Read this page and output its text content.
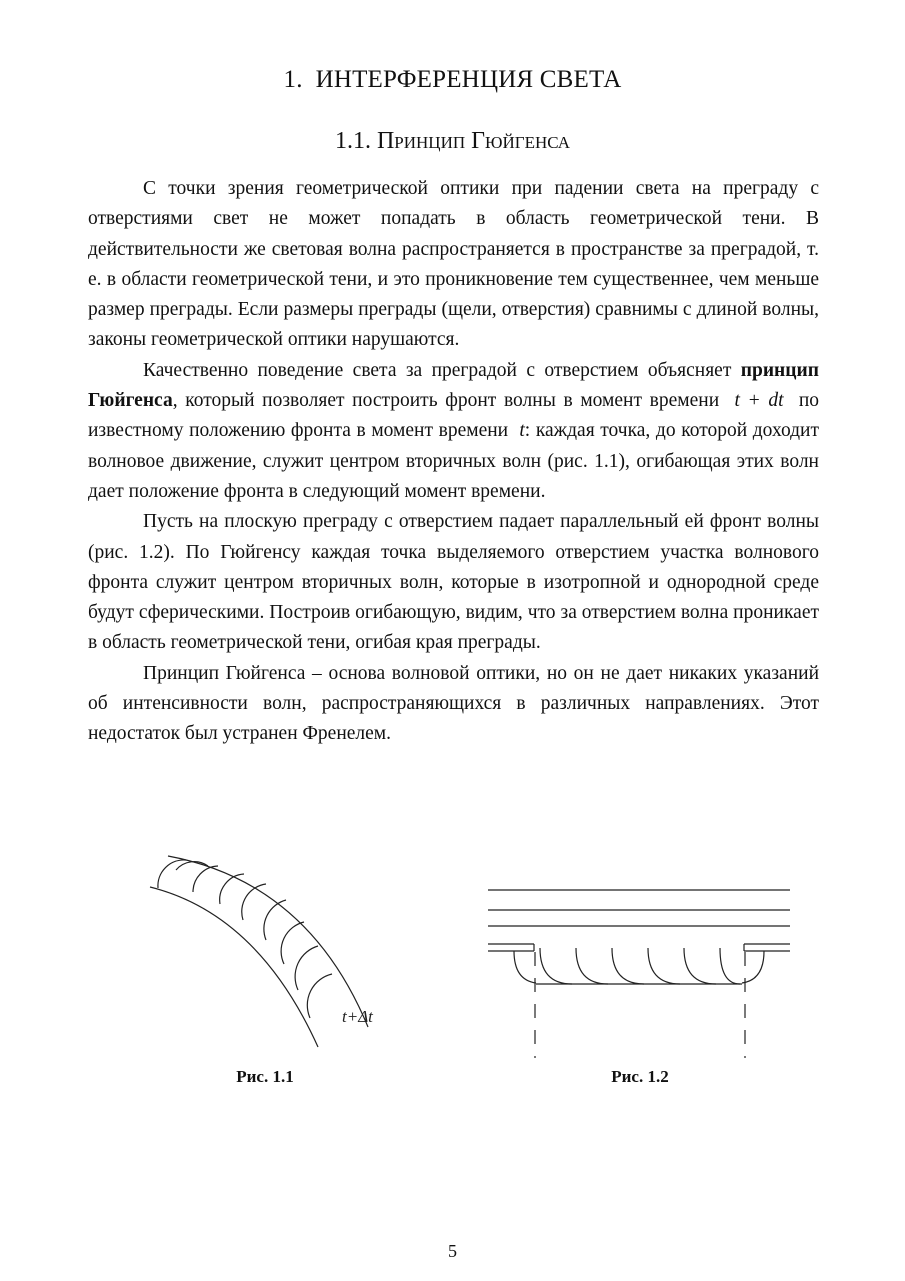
1. ИНТЕРФЕРЕНЦИЯ СВЕТА
1.1. Принцип Гюйгенса

С точки зрения геометрической оптики при падении света на преграду с отверстиями свет не может попадать в область геометрической тени. В действительности же световая волна распространяется в пространстве за преградой, т. е. в области геометрической тени, и это проникновение тем существеннее, чем меньше размер преграды. Если размеры преграды (щели, отверстия) сравнимы с длиной волны, законы геометрической оптики нарушаются.

Качественно поведение света за преградой с отверстием объясняет принцип Гюйгенса, который позволяет построить фронт волны в момент времени  t + dt  по известному положению фронта в момент времени  t: каждая точка, до которой доходит волновое движение, служит центром вторичных волн (рис. 1.1), огибающая этих волн дает положение фронта в следующий момент времени.

Пусть на плоскую преграду с отверстием падает параллельный ей фронт волны (рис. 1.2). По Гюйгенсу каждая точка выделяемого отверстием участка волнового фронта служит центром вторичных волн, которые в изотропной и однородной среде будут сферическими. Построив огибающую, видим, что за отверстием волна проникает в область геометрической тени, огибая края преграды.

Принцип Гюйгенса – основа волновой оптики, но он не дает никаких указаний об интенсивности волн, распространяющихся в различных направлениях. Этот недостаток был устранен Френелем.

t+Δt
Рис. 1.1	Рис. 1.2
5
